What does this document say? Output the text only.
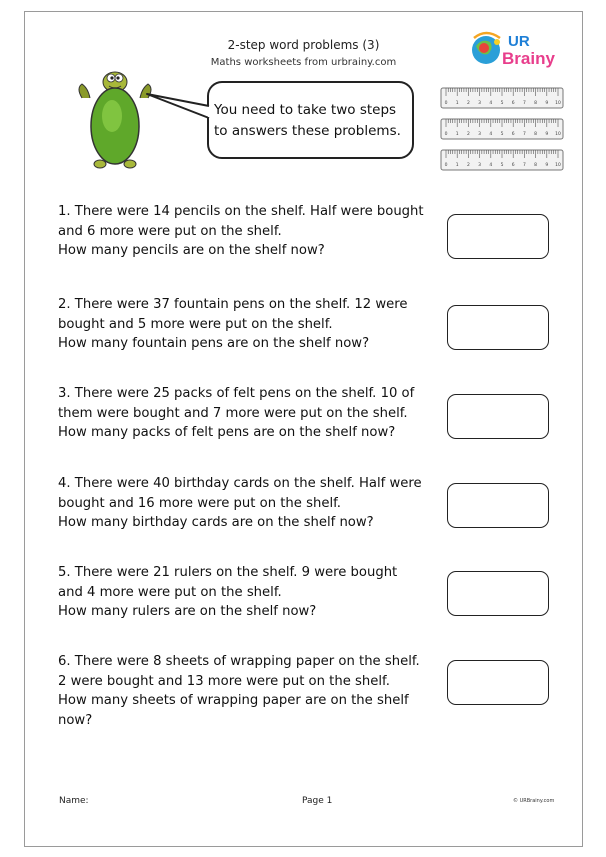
2-step word problems (3)
Maths worksheets from urbrainy.com
UR
Brainy
You need to take two steps
to answers these problems.
0 1 2 3 4 5 6 7 8 9 10
0 1 2 3 4 5 6 7 8 9 10
0 1 2 3 4 5 6 7 8 9 10
1. There were 14 pencils on the shelf. Half were bought
and 6 more were put on the shelf.
How many pencils are on the shelf now?
2. There were 37 fountain pens on the shelf. 12 were
bought and 5 more were put on the shelf.
How many fountain pens are on the shelf now?
3. There were 25 packs of felt pens on the shelf. 10 of
them were bought and 7 more were put on the shelf.
How many packs of felt pens are on the shelf now?
4. There were 40 birthday cards on the shelf. Half were
bought and 16 more were put on the shelf.
How many birthday cards are on the shelf now?
5. There were 21 rulers on the shelf. 9 were bought
and 4 more were put on the shelf.
How many rulers are on the shelf now?
6. There were 8 sheets of wrapping paper on the shelf.
2 were bought and 13 more were put on the shelf.
How many sheets of wrapping paper are on the shelf
now?
Name:	Page 1	© URBrainy.com
